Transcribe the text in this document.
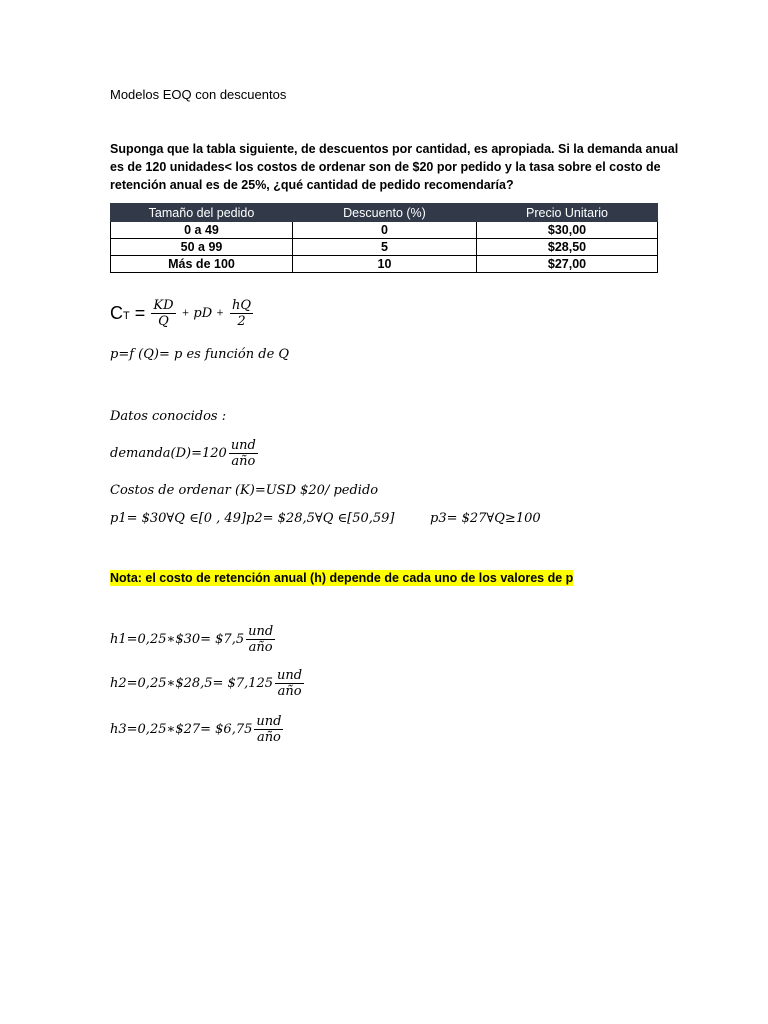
Modelos EOQ con descuentos
Suponga que la tabla siguiente, de descuentos por cantidad, es apropiada. Si la demanda anual
es de 120 unidades< los costos de ordenar son de $20 por pedido y la tasa sobre el costo de
retención anual es de 25%, ¿qué cantidad de pedido recomendaría?
Tamaño del pedido	Descuento (%)	Precio Unitario
0 a 49	0	$30,00
50 a 99	5	$28,50
Más de 100	10	$27,00
CT = $\frac{KD}{Q}$ + pD + $\frac{hQ}{2}$
p=f (Q)= p es función de Q
Datos conocidos :
demanda(D)=120 $\frac{\text{und}}{\text{año}}$
Costos de ordenar (K)=USD $20/ pedido
p1= $30∀Q ∈[0 , 49]p2= $28,5∀Q ∈[50,59]	p3= $27∀Q≥100
Nota: el costo de retención anual (h) depende de cada uno de los valores de p
h1=0,25∗$30= $7,5 $\frac{\text{und}}{\text{año}}$
h2=0,25∗$28,5= $7,125 $\frac{\text{und}}{\text{año}}$
h3=0,25∗$27= $6,75 $\frac{\text{und}}{\text{año}}$
